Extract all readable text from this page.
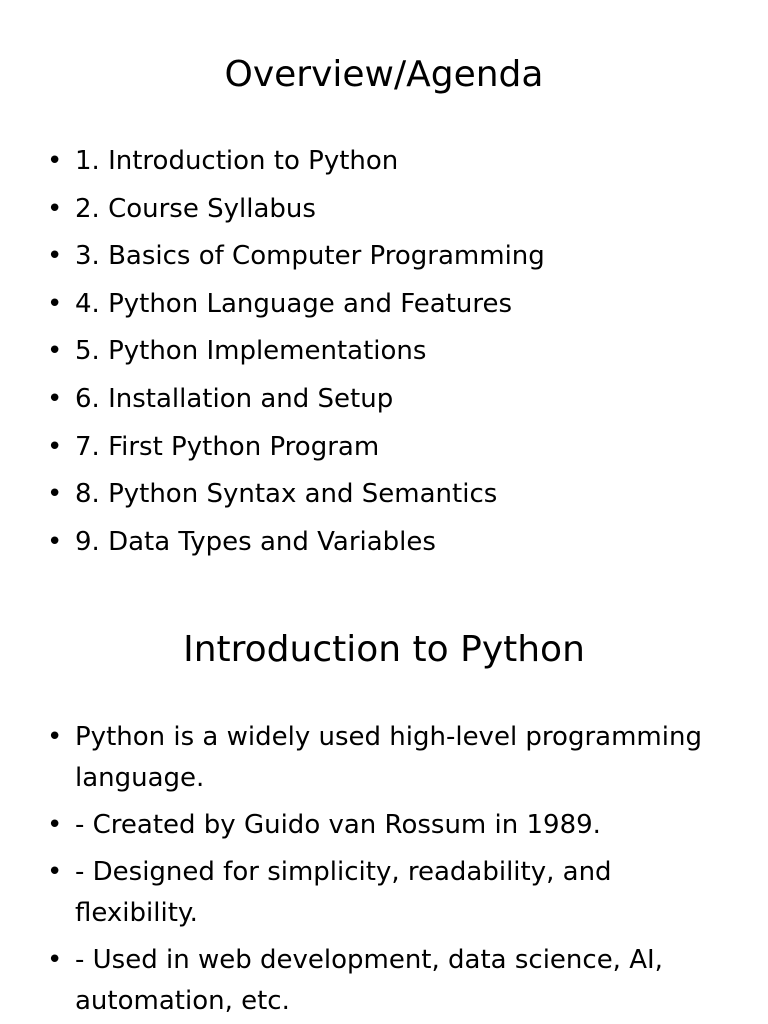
Overview/Agenda
• 1. Introduction to Python
• 2. Course Syllabus
• 3. Basics of Computer Programming
• 4. Python Language and Features
• 5. Python Implementations
• 6. Installation and Setup
• 7. First Python Program
• 8. Python Syntax and Semantics
• 9. Data Types and Variables
Introduction to Python
• Python is a widely used high-level programming language.
• - Created by Guido van Rossum in 1989.
• - Designed for simplicity, readability, and flexibility.
• - Used in web development, data science, AI, automation, etc.
